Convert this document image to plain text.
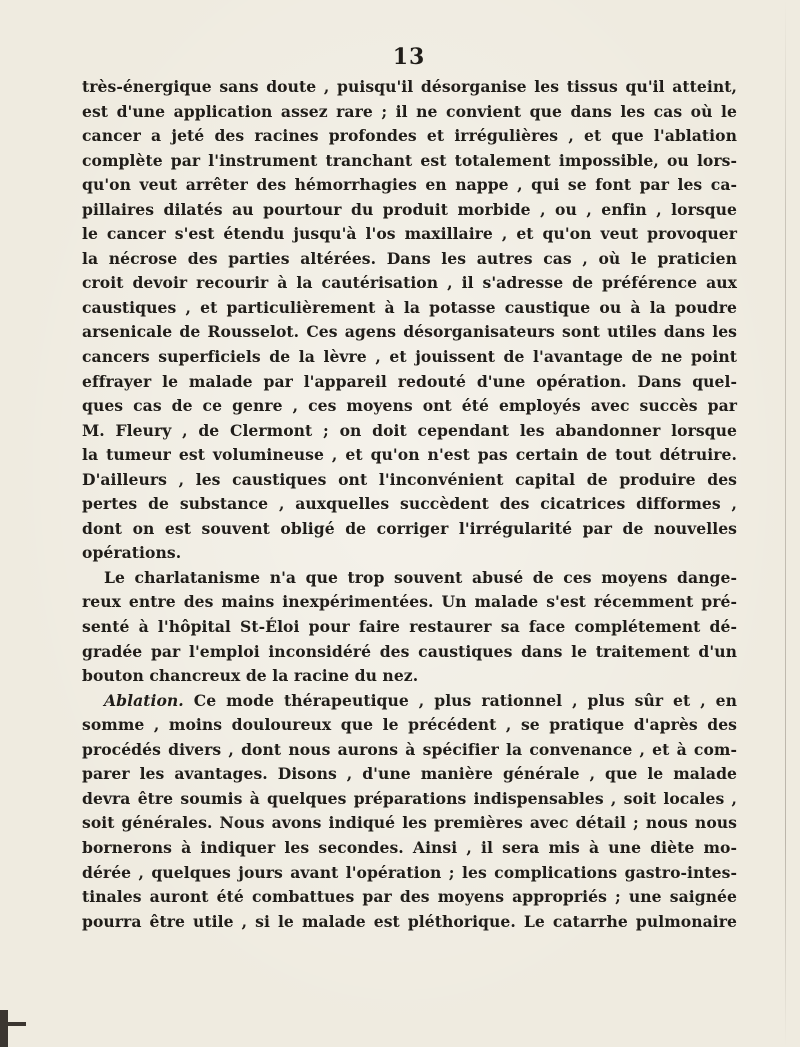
13
très-énergique sans doute , puisqu'il désorganise les tissus qu'il atteint,
est d'une application assez rare ; il ne convient que dans les cas où le
cancer a jeté des racines profondes et irrégulières , et que l'ablation
complète par l'instrument tranchant est totalement impossible, ou lors-
qu'on veut arrêter des hémorrhagies en nappe , qui se font par les ca-
pillaires dilatés au pourtour du produit morbide , ou , enfin , lorsque
le cancer s'est étendu jusqu'à l'os maxillaire , et qu'on veut provoquer
la nécrose des parties altérées. Dans les autres cas , où le praticien
croit devoir recourir à la cautérisation , il s'adresse de préférence aux
caustiques , et particulièrement à la potasse caustique ou à la poudre
arsenicale de Rousselot. Ces agens désorganisateurs sont utiles dans les
cancers superficiels de la lèvre , et jouissent de l'avantage de ne point
effrayer le malade par l'appareil redouté d'une opération. Dans quel-
ques cas de ce genre , ces moyens ont été employés avec succès par
M. Fleury , de Clermont ; on doit cependant les abandonner lorsque
la tumeur est volumineuse , et qu'on n'est pas certain de tout détruire.
D'ailleurs , les caustiques ont l'inconvénient capital de produire des
pertes de substance , auxquelles succèdent des cicatrices difformes ,
dont on est souvent obligé de corriger l'irrégularité par de nouvelles
opérations.
Le charlatanisme n'a que trop souvent abusé de ces moyens dange-
reux entre des mains inexpérimentées. Un malade s'est récemment pré-
senté à l'hôpital St-Éloi pour faire restaurer sa face complétement dé-
gradée par l'emploi inconsidéré des caustiques dans le traitement d'un
bouton chancreux de la racine du nez.
Ablation. Ce mode thérapeutique , plus rationnel , plus sûr et , en
somme , moins douloureux que le précédent , se pratique d'après des
procédés divers , dont nous aurons à spécifier la convenance , et à com-
parer les avantages. Disons , d'une manière générale , que le malade
devra être soumis à quelques préparations indispensables , soit locales ,
soit générales. Nous avons indiqué les premières avec détail ; nous nous
bornerons à indiquer les secondes. Ainsi , il sera mis à une diète mo-
dérée , quelques jours avant l'opération ; les complications gastro-intes-
tinales auront été combattues par des moyens appropriés ; une saignée
pourra être utile , si le malade est pléthorique. Le catarrhe pulmonaire
